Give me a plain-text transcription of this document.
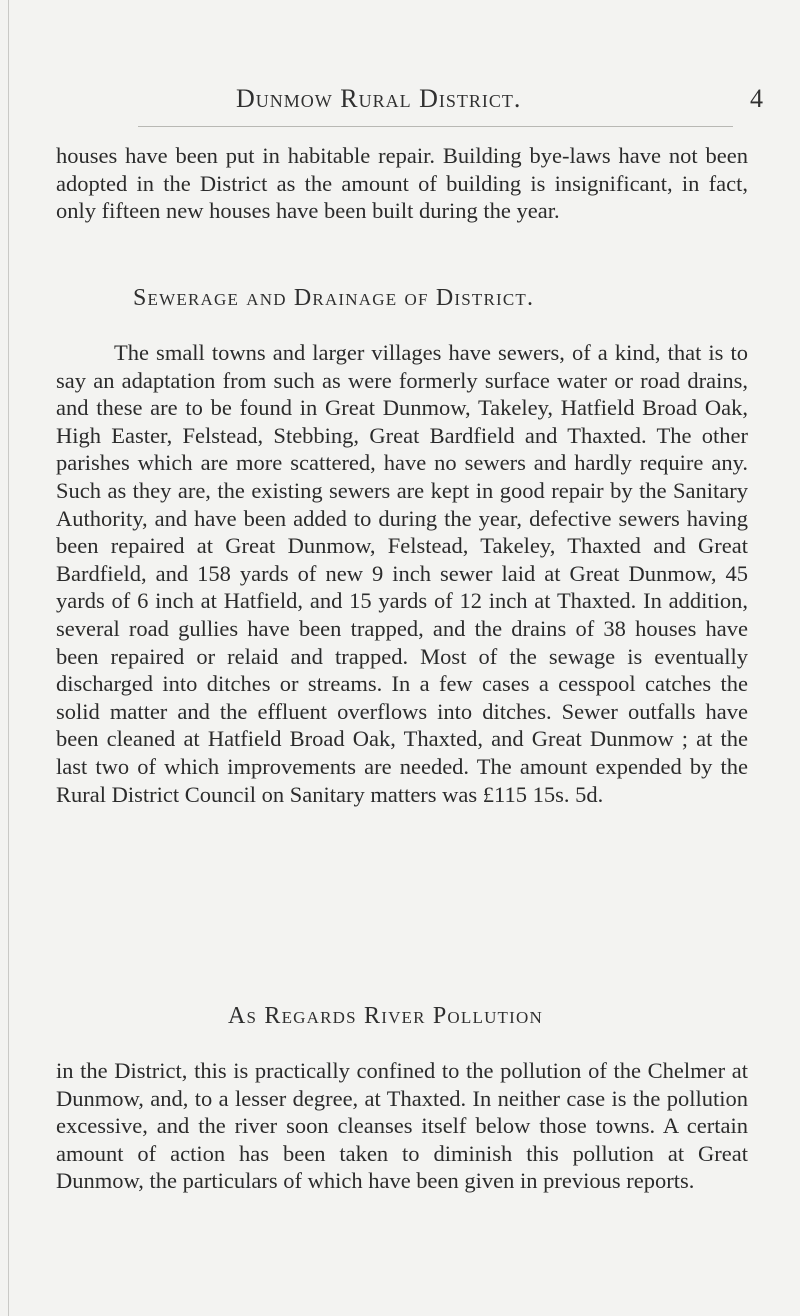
Dunmow Rural District.	4

houses have been put in habitable repair. Building bye-laws have not been adopted in the District as the amount of building is insignificant, in fact, only fifteen new houses have been built during the year.

Sewerage and Drainage of District.

The small towns and larger villages have sewers, of a kind, that is to say an adaptation from such as were formerly surface water or road drains, and these are to be found in Great Dunmow, Takeley, Hatfield Broad Oak, High Easter, Felstead, Stebbing, Great Bardfield and Thaxted. The other parishes which are more scattered, have no sewers and hardly require any. Such as they are, the existing sewers are kept in good repair by the Sanitary Authority, and have been added to during the year, defective sewers having been repaired at Great Dunmow, Felstead, Takeley, Thaxted and Great Bardfield, and 158 yards of new 9 inch sewer laid at Great Dunmow, 45 yards of 6 inch at Hatfield, and 15 yards of 12 inch at Thaxted. In addition, several road gullies have been trapped, and the drains of 38 houses have been repaired or relaid and trapped. Most of the sewage is eventually discharged into ditches or streams. In a few cases a cesspool catches the solid matter and the effluent overflows into ditches. Sewer outfalls have been cleaned at Hatfield Broad Oak, Thaxted, and Great Dunmow ; at the last two of which improvements are needed. The amount expended by the Rural District Council on Sanitary matters was £115 15s. 5d.

As Regards River Pollution

in the District, this is practically confined to the pollution of the Chelmer at Dunmow, and, to a lesser degree, at Thaxted. In neither case is the pollution excessive, and the river soon cleanses itself below those towns. A certain amount of action has been taken to diminish this pollution at Great Dunmow, the particulars of which have been given in previous reports.
